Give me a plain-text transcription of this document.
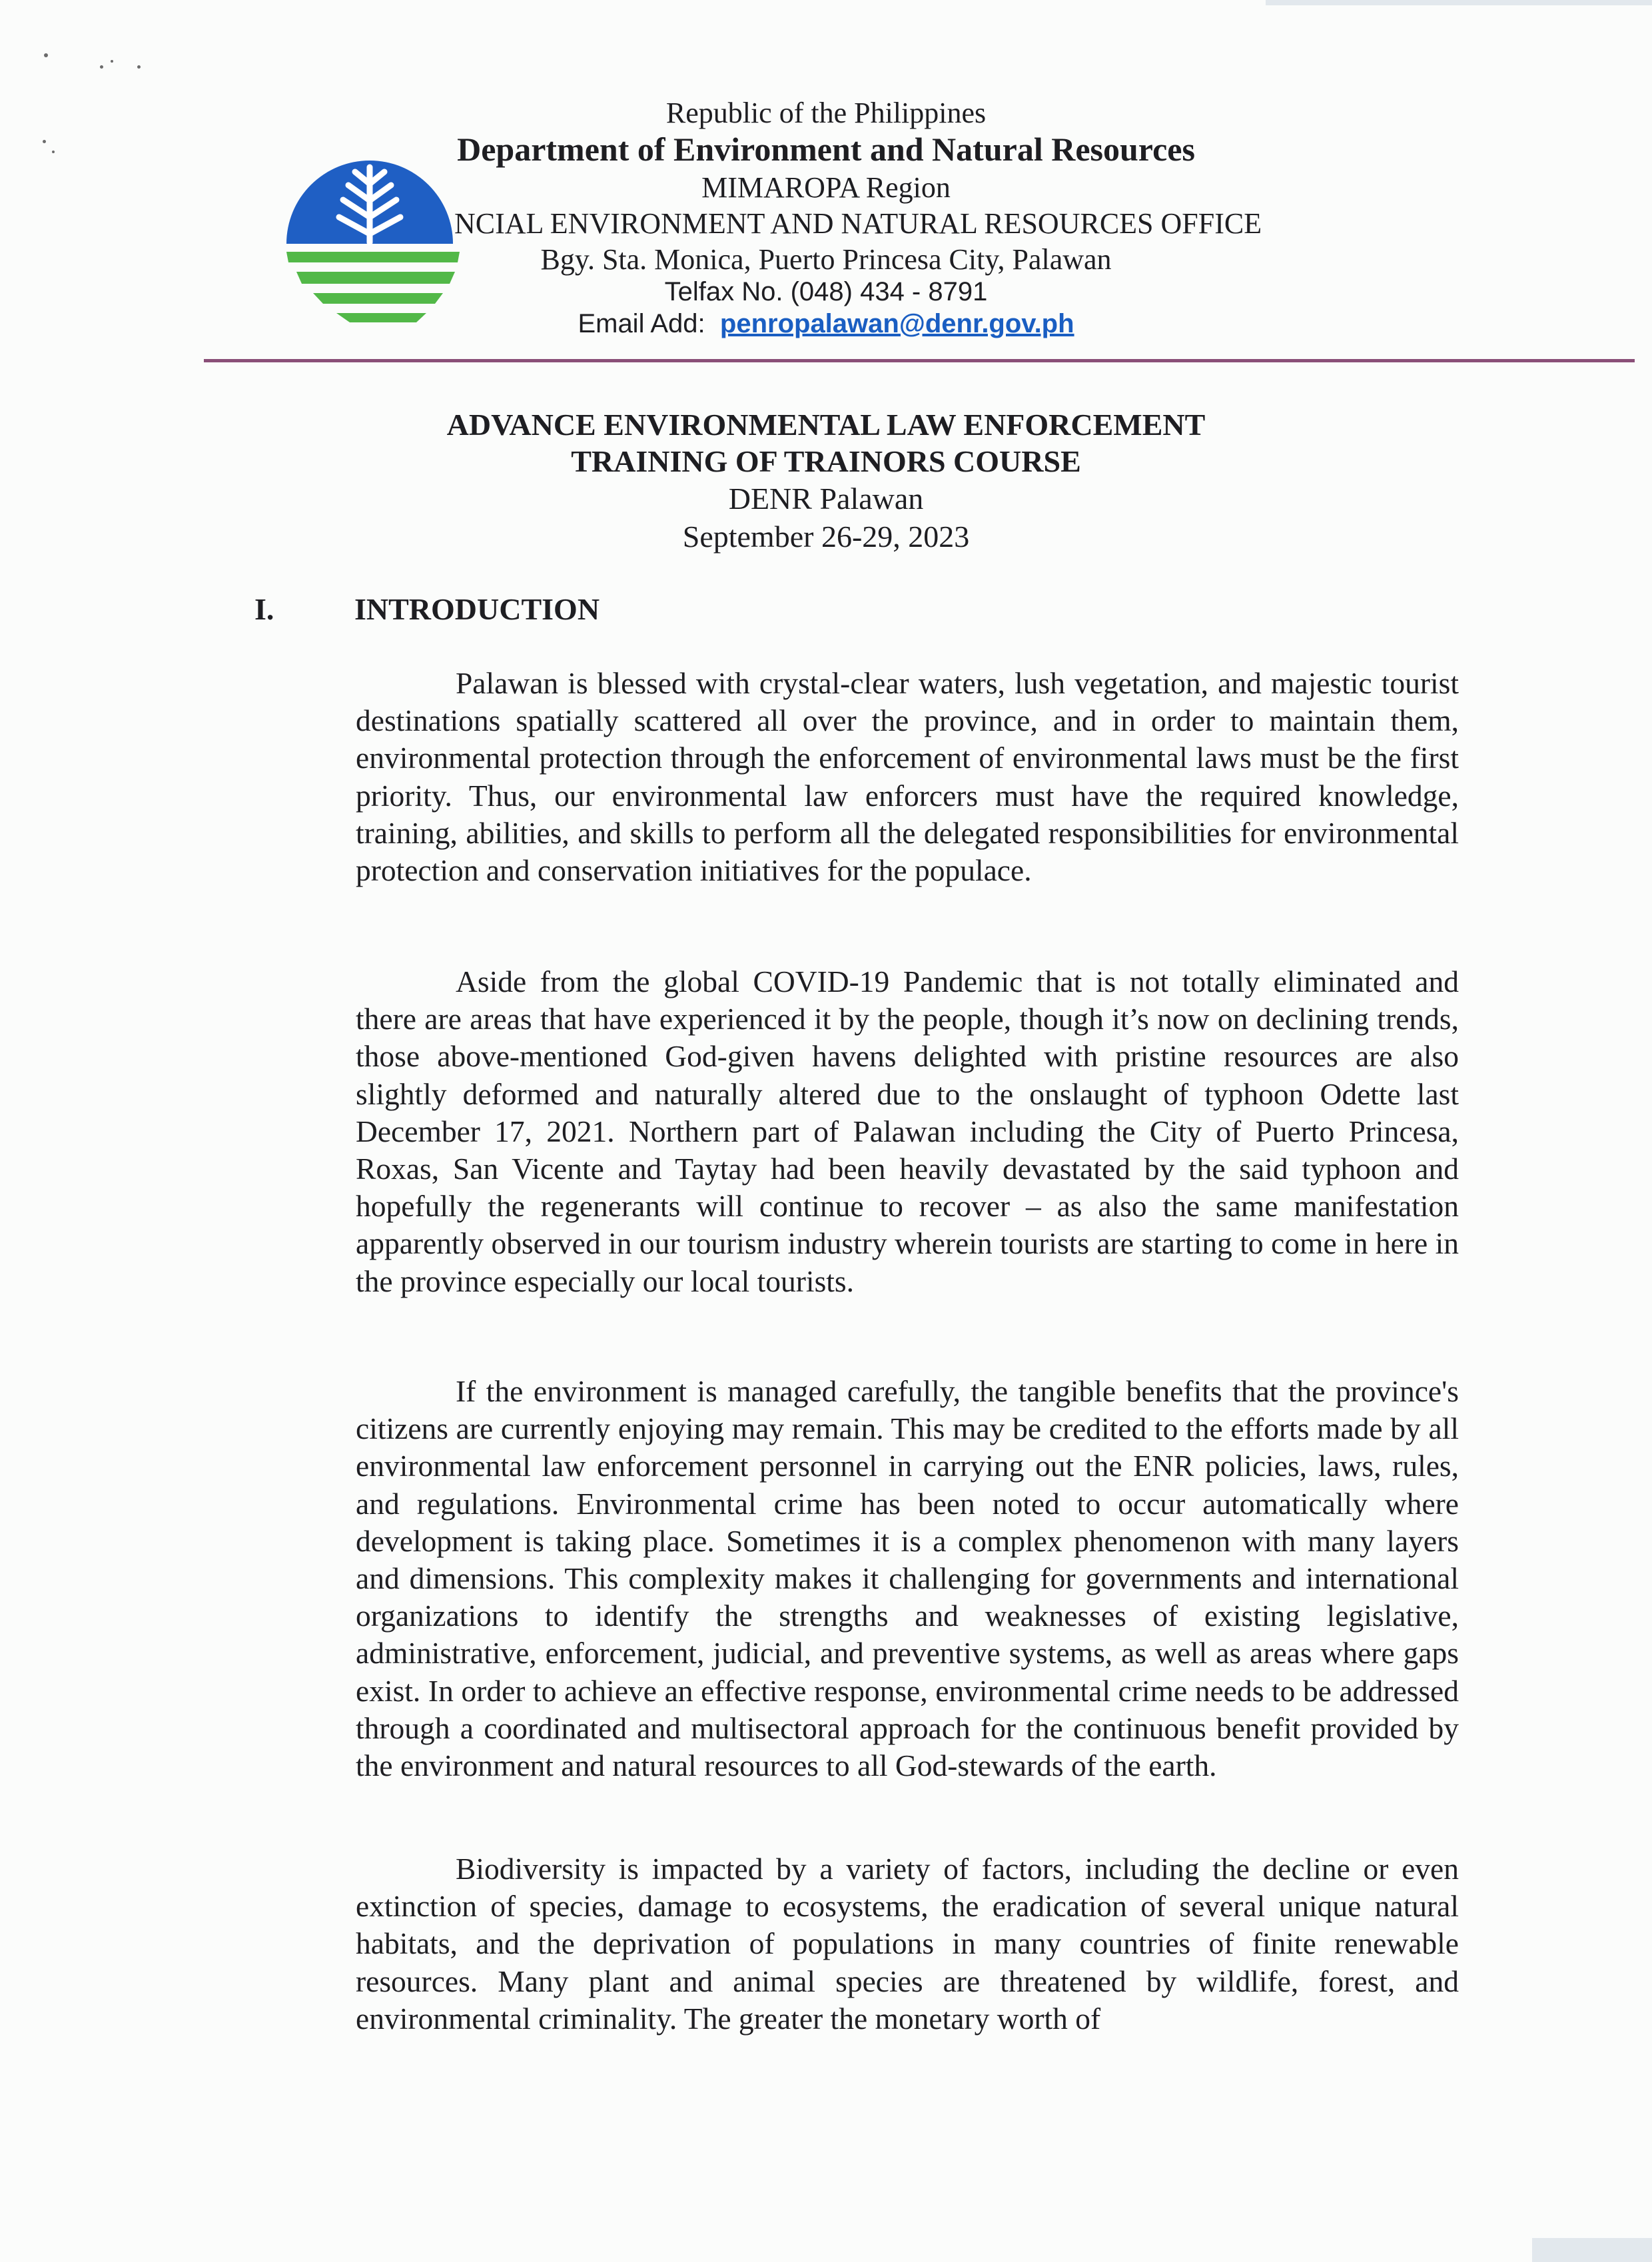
Republic of the Philippines
Department of Environment and Natural Resources
MIMAROPA Region
NCIAL ENVIRONMENT AND NATURAL RESOURCES OFFICE
Bgy. Sta. Monica, Puerto Princesa City, Palawan
Telfax No. (048) 434 - 8791
Email Add: penropalawan@denr.gov.ph
ADVANCE ENVIRONMENTAL LAW ENFORCEMENT
TRAINING OF TRAINORS COURSE
DENR Palawan
September 26-29, 2023
I.	INTRODUCTION

Palawan is blessed with crystal-clear waters, lush vegetation, and majestic tourist destinations spatially scattered all over the province, and in order to maintain them, environmental protection through the enforcement of environmental laws must be the first priority. Thus, our environmental law enforcers must have the required knowledge, training, abilities, and skills to perform all the delegated responsibilities for environmental protection and conservation initiatives for the populace.

Aside from the global COVID-19 Pandemic that is not totally eliminated and there are areas that have experienced it by the people, though it’s now on declining trends, those above-mentioned God-given havens delighted with pristine resources are also slightly deformed and naturally altered due to the onslaught of typhoon Odette last December 17, 2021. Northern part of Palawan including the City of Puerto Princesa, Roxas, San Vicente and Taytay had been heavily devastated by the said typhoon and hopefully the regenerants will continue to recover – as also the same manifestation apparently observed in our tourism industry wherein tourists are starting to come in here in the province especially our local tourists.

If the environment is managed carefully, the tangible benefits that the province's citizens are currently enjoying may remain. This may be credited to the efforts made by all environmental law enforcement personnel in carrying out the ENR policies, laws, rules, and regulations. Environmental crime has been noted to occur automatically where development is taking place. Sometimes it is a complex phenomenon with many layers and dimensions. This complexity makes it challenging for governments and international organizations to identify the strengths and weaknesses of existing legislative, administrative, enforcement, judicial, and preventive systems, as well as areas where gaps exist. In order to achieve an effective response, environmental crime needs to be addressed through a coordinated and multisectoral approach for the continuous benefit provided by the environment and natural resources to all God-stewards of the earth.

Biodiversity is impacted by a variety of factors, including the decline or even extinction of species, damage to ecosystems, the eradication of several unique natural habitats, and the deprivation of populations in many countries of finite renewable resources. Many plant and animal species are threatened by wildlife, forest, and environmental criminality. The greater the monetary worth of
